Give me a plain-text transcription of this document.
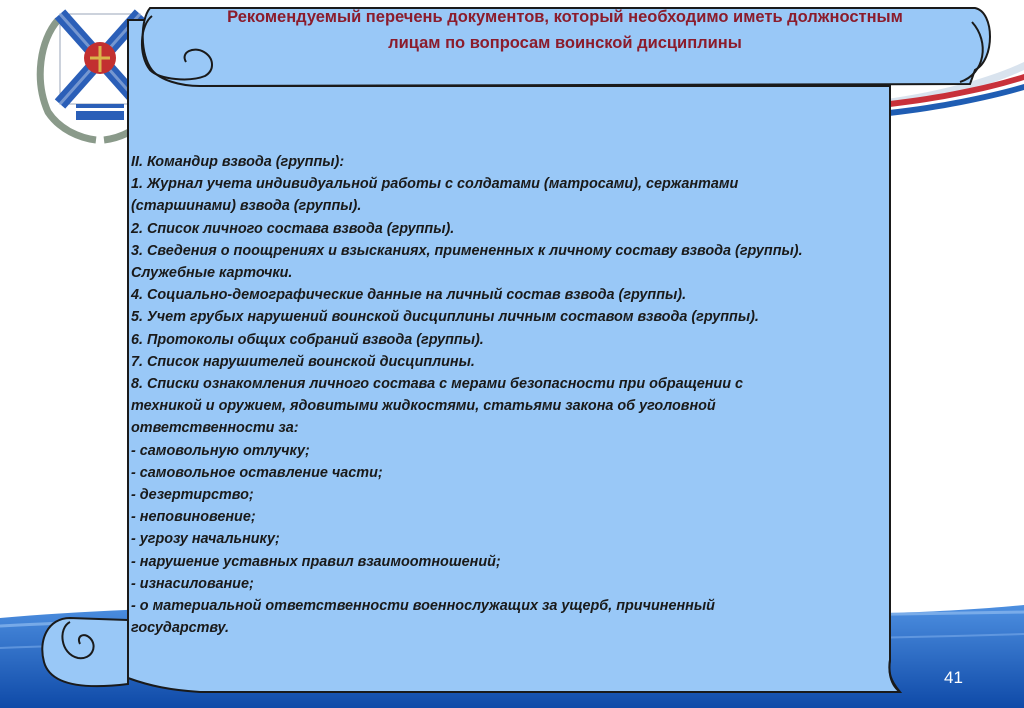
Рекомендуемый перечень документов, который необходимо иметь должностным
лицам по вопросам воинской дисциплины
II. Командир взвода (группы):
1. Журнал учета индивидуальной работы с солдатами (матросами), сержантами
(старшинами) взвода (группы).
2. Список личного состава взвода (группы).
3. Сведения о поощрениях и взысканиях, примененных к личному составу взвода (группы).
Служебные карточки.
4. Социально-демографические данные на личный состав взвода (группы).
5. Учет грубых нарушений воинской дисциплины личным составом взвода (группы).
6. Протоколы общих собраний взвода (группы).
7. Список нарушителей воинской дисциплины.
8. Списки ознакомления личного состава с мерами безопасности при обращении с
техникой и оружием, ядовитыми жидкостями, статьями закона об уголовной
ответственности за:
- самовольную отлучку;
- самовольное оставление части;
- дезертирство;
- неповиновение;
- угрозу начальнику;
- нарушение уставных правил взаимоотношений;
- изнасилование;
- о материальной ответственности военнослужащих за ущерб, причиненный
государству.
41
